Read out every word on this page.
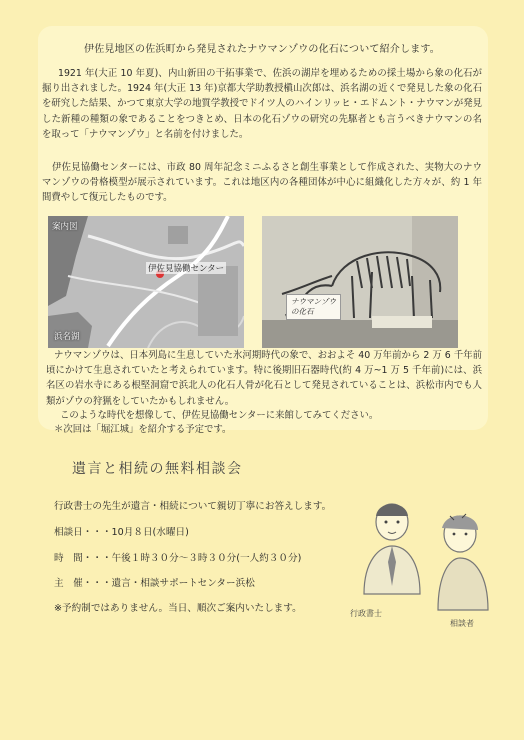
伊佐見地区の佐浜町から発見されたナウマンゾウの化石について紹介します。
1921 年(大正 10 年夏)、内山新田の干拓事業で、佐浜の湖岸を埋めるための採土場から象の化石が掘り出されました。1924 年(大正 13 年)京都大学助教授槇山次郎は、浜名湖の近くで発見した象の化石を研究した結果、かつて東京大学の地質学教授でドイツ人のハインリッヒ・エドムント・ナウマンが発見した新種の種類の象であることをつきとめ、日本の化石ゾウの研究の先駆者とも言うべきナウマンの名を取って「ナウマンゾウ」と名前を付けました。
伊佐見協働センターには、市政 80 周年記念ミニふるさと創生事業として作成された、実物大のナウマンゾウの骨格模型が展示されています。これは地区内の各種団体が中心に組織化した方々が、約 1 年間費やして復元したものです。
案内図
伊佐見協働センター
浜名湖
ナウマンゾウ
の化石
ナウマンゾウは、日本列島に生息していた氷河期時代の象で、おおよそ 40 万年前から 2 万 6 千年前頃にかけて生息されていたと考えられています。特に後期旧石器時代(約 4 万~1 万 5 千年前)には、浜名区の岩水寺にある根堅洞窟で浜北人の化石人骨が化石として発見されていることは、浜松市内でも人類がゾウの狩猟をしていたかもしれません。
このような時代を想像して、伊佐見協働センターに来館してみてください。
＊次回は「堀江城」を紹介する予定です。
遺言と相続の無料相談会
行政書士の先生が遺言・相続について親切丁寧にお答えします。
相談日・・・10月８日(水曜日)
時　間・・・午後１時３０分～３時３０分(一人約３０分)
主　催・・・遺言・相談サポートセンター浜松
※予約制ではありません。当日、順次ご案内いたします。	行政書士
相談者
